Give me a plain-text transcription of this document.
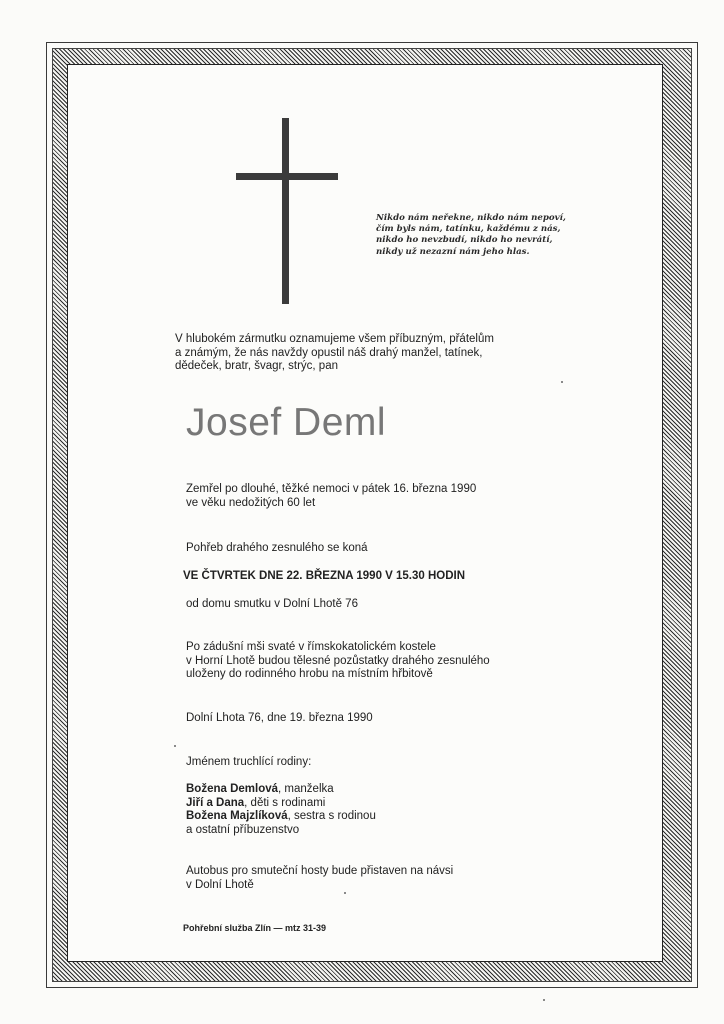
Nikdo nám neřekne, nikdo nám nepoví,
čím byls nám, tatínku, každému z nás,
nikdo ho nevzbudí, nikdo ho nevrátí,
nikdy už nezazní nám jeho hlas.
V hlubokém zármutku oznamujeme všem příbuzným, přátelům
a známým, že nás navždy opustil náš drahý manžel, tatínek,
dědeček, bratr, švagr, strýc, pan
Josef Deml
Zemřel po dlouhé, těžké nemoci v pátek 16. března 1990
ve věku nedožitých 60 let
Pohřeb drahého zesnulého se koná
VE ČTVRTEK DNE 22. BŘEZNA 1990 V 15.30 HODIN
od domu smutku v Dolní Lhotě 76
Po zádušní mši svaté v římskokatolickém kostele
v Horní Lhotě budou tělesné pozůstatky drahého zesnulého
uloženy do rodinného hrobu na místním hřbitově
Dolní Lhota 76, dne 19. března 1990
Jménem truchlící rodiny:
Božena Demlová, manželka
Jiří a Dana, děti s rodinami
Božena Majzlíková, sestra s rodinou
a ostatní příbuzenstvo
Autobus pro smuteční hosty bude přistaven na návsi
v Dolní Lhotě
Pohřební služba Zlín — mtz 31-39
